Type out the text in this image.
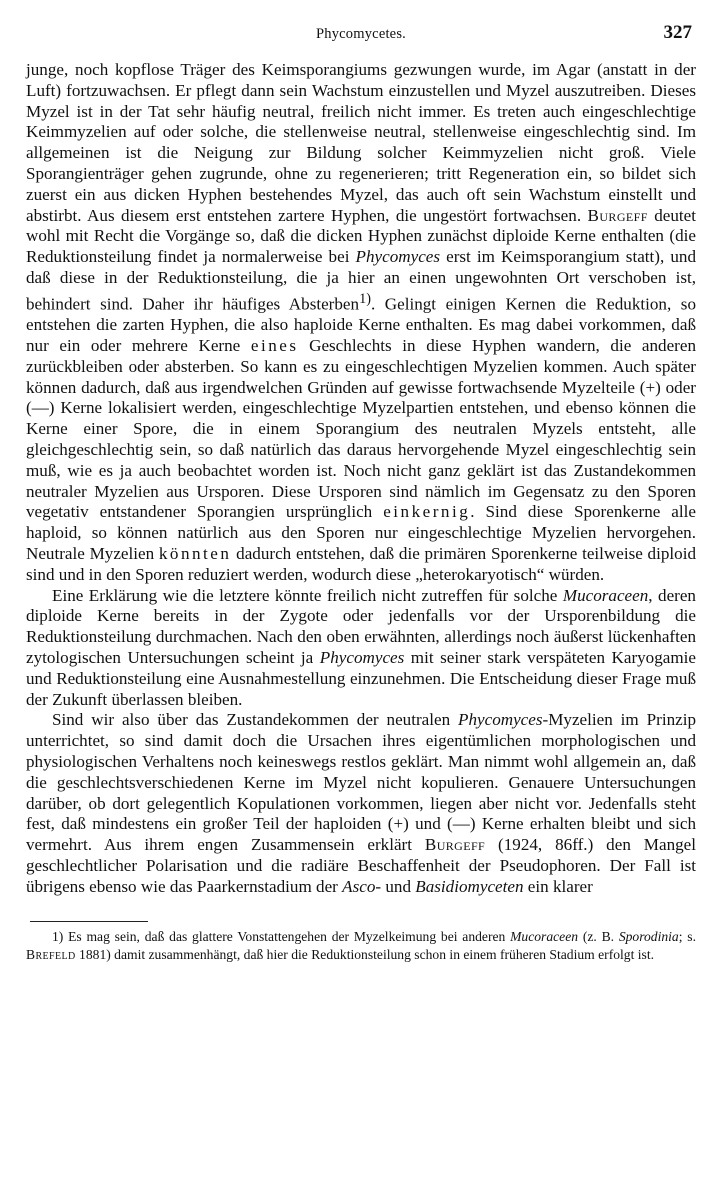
Phycomycetes.	327

junge, noch kopflose Träger des Keimsporangiums gezwungen wurde, im Agar (anstatt in der Luft) fortzuwachsen. Er pflegt dann sein Wachstum einzustellen und Myzel auszutreiben. Dieses Myzel ist in der Tat sehr häufig neutral, freilich nicht immer. Es treten auch eingeschlechtige Keimmyzelien auf oder solche, die stellenweise neutral, stellenweise eingeschlechtig sind. Im allgemeinen ist die Neigung zur Bildung solcher Keimmyzelien nicht groß. Viele Sporangienträger gehen zugrunde, ohne zu regenerieren; tritt Regeneration ein, so bildet sich zuerst ein aus dicken Hyphen bestehendes Myzel, das auch oft sein Wachstum einstellt und abstirbt. Aus diesem erst entstehen zartere Hyphen, die ungestört fortwachsen. Burgeff deutet wohl mit Recht die Vorgänge so, daß die dicken Hyphen zunächst diploide Kerne enthalten (die Reduktionsteilung findet ja normalerweise bei Phycomyces erst im Keimsporangium statt), und daß diese in der Reduktionsteilung, die ja hier an einen ungewohnten Ort verschoben ist, behindert sind. Daher ihr häufiges Absterben$^{1)}$. Gelingt einigen Kernen die Reduktion, so entstehen die zarten Hyphen, die also haploide Kerne enthalten. Es mag dabei vorkommen, daß nur ein oder mehrere Kerne eines Geschlechts in diese Hyphen wandern, die anderen zurückbleiben oder absterben. So kann es zu eingeschlechtigen Myzelien kommen. Auch später können dadurch, daß aus irgendwelchen Gründen auf gewisse fortwachsende Myzelteile (+) oder (—) Kerne lokalisiert werden, eingeschlechtige Myzelpartien entstehen, und ebenso können die Kerne einer Spore, die in einem Sporangium des neutralen Myzels entsteht, alle gleichgeschlechtig sein, so daß natürlich das daraus hervorgehende Myzel eingeschlechtig sein muß, wie es ja auch beobachtet worden ist. Noch nicht ganz geklärt ist das Zustandekommen neutraler Myzelien aus Ursporen. Diese Ursporen sind nämlich im Gegensatz zu den Sporen vegetativ entstandener Sporangien ursprünglich einkernig. Sind diese Sporenkerne alle haploid, so können natürlich aus den Sporen nur eingeschlechtige Myzelien hervorgehen. Neutrale Myzelien könnten dadurch entstehen, daß die primären Sporenkerne teilweise diploid sind und in den Sporen reduziert werden, wodurch diese „heterokaryotisch“ würden.

Eine Erklärung wie die letztere könnte freilich nicht zutreffen für solche Mucoraceen, deren diploide Kerne bereits in der Zygote oder jedenfalls vor der Ursporenbildung die Reduktionsteilung durchmachen. Nach den oben erwähnten, allerdings noch äußerst lückenhaften zytologischen Untersuchungen scheint ja Phycomyces mit seiner stark verspäteten Karyogamie und Reduktionsteilung eine Ausnahmestellung einzunehmen. Die Entscheidung dieser Frage muß der Zukunft überlassen bleiben.

Sind wir also über das Zustandekommen der neutralen Phycomyces-Myzelien im Prinzip unterrichtet, so sind damit doch die Ursachen ihres eigentümlichen morphologischen und physiologischen Verhaltens noch keineswegs restlos geklärt. Man nimmt wohl allgemein an, daß die geschlechtsverschiedenen Kerne im Myzel nicht kopulieren. Genauere Untersuchungen darüber, ob dort gelegentlich Kopulationen vorkommen, liegen aber nicht vor. Jedenfalls steht fest, daß mindestens ein großer Teil der haploiden (+) und (—) Kerne erhalten bleibt und sich vermehrt. Aus ihrem engen Zusammensein erklärt Burgeff (1924, 86ff.) den Mangel geschlechtlicher Polarisation und die radiäre Beschaffenheit der Pseudophoren. Der Fall ist übrigens ebenso wie das Paarkernstadium der Asco- und Basidiomyceten ein klarer

1) Es mag sein, daß das glattere Vonstattengehen der Myzelkeimung bei anderen Mucoraceen (z. B. Sporodinia; s. Brefeld 1881) damit zusammenhängt, daß hier die Reduktionsteilung schon in einem früheren Stadium erfolgt ist.
